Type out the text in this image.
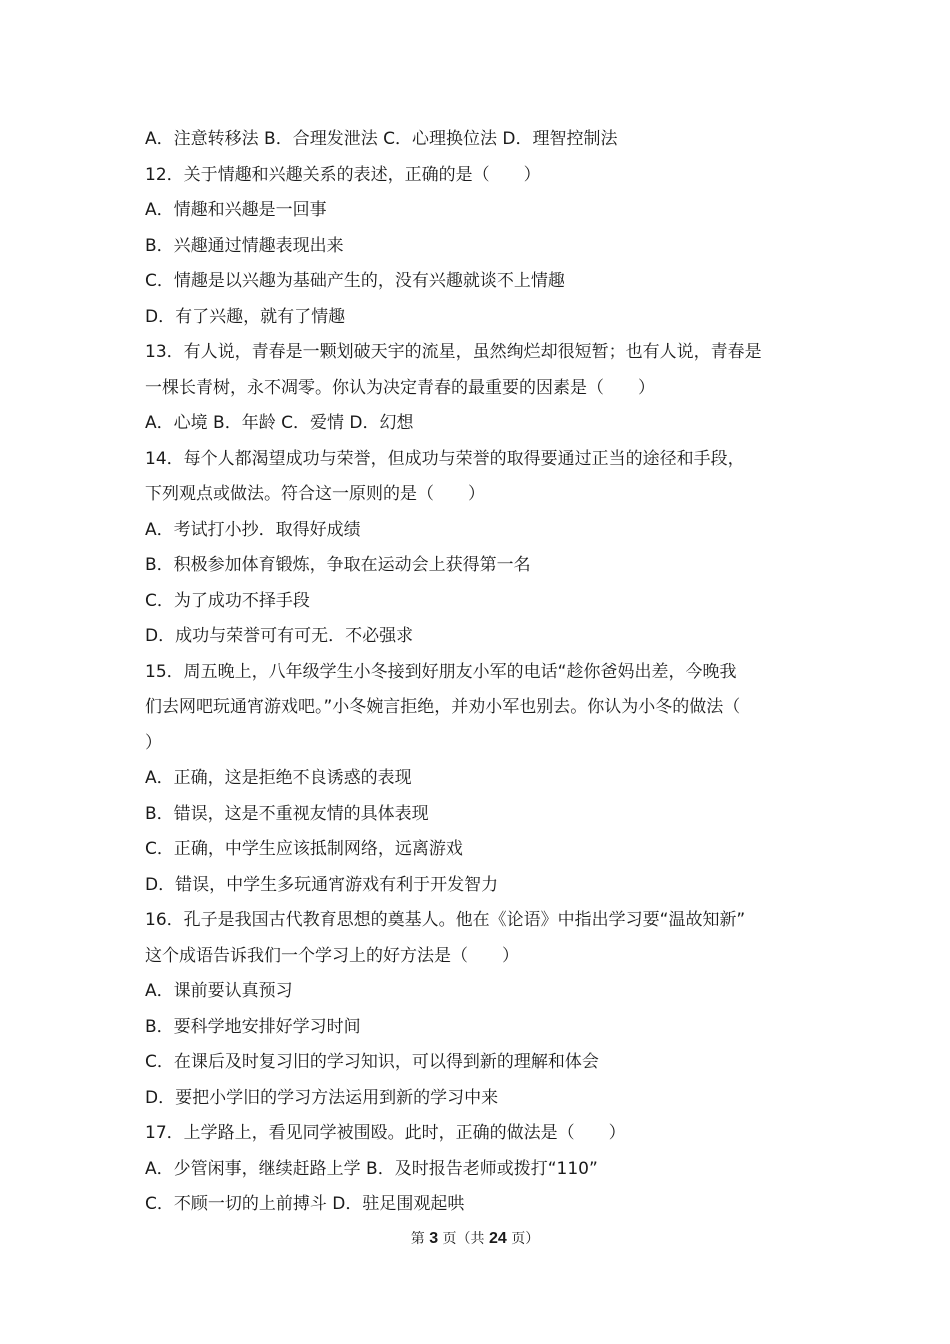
A．注意转移法 B．合理发泄法 C．心理换位法 D．理智控制法
12．关于情趣和兴趣关系的表述，正确的是（　　）
A．情趣和兴趣是一回事
B．兴趣通过情趣表现出来
C．情趣是以兴趣为基础产生的，没有兴趣就谈不上情趣
D．有了兴趣，就有了情趣
13．有人说，青春是一颗划破天宇的流星，虽然绚烂却很短暂；也有人说，青春是
一棵长青树，永不凋零。你认为决定青春的最重要的因素是（　　）
A．心境 B．年龄 C．爱情 D．幻想
14．每个人都渴望成功与荣誉，但成功与荣誉的取得要通过正当的途径和手段，
下列观点或做法。符合这一原则的是（　　）
A．考试打小抄．取得好成绩
B．积极参加体育锻炼，争取在运动会上获得第一名
C．为了成功不择手段
D．成功与荣誉可有可无．不必强求
15．周五晚上，八年级学生小冬接到好朋友小军的电话“趁你爸妈出差，今晚我
们去网吧玩通宵游戏吧。”小冬婉言拒绝，并劝小军也别去。你认为小冬的做法（
）
A．正确，这是拒绝不良诱惑的表现
B．错误，这是不重视友情的具体表现
C．正确，中学生应该抵制网络，远离游戏
D．错误，中学生多玩通宵游戏有利于开发智力
16．孔子是我国古代教育思想的奠基人。他在《论语》中指出学习要“温故知新”
这个成语告诉我们一个学习上的好方法是（　　）
A．课前要认真预习
B．要科学地安排好学习时间
C．在课后及时复习旧的学习知识，可以得到新的理解和体会
D．要把小学旧的学习方法运用到新的学习中来
17．上学路上，看见同学被围殴。此时，正确的做法是（　　）
A．少管闲事，继续赶路上学 B．及时报告老师或拨打“110”
C．不顾一切的上前搏斗 D．驻足围观起哄
第 3 页（共 24 页）
